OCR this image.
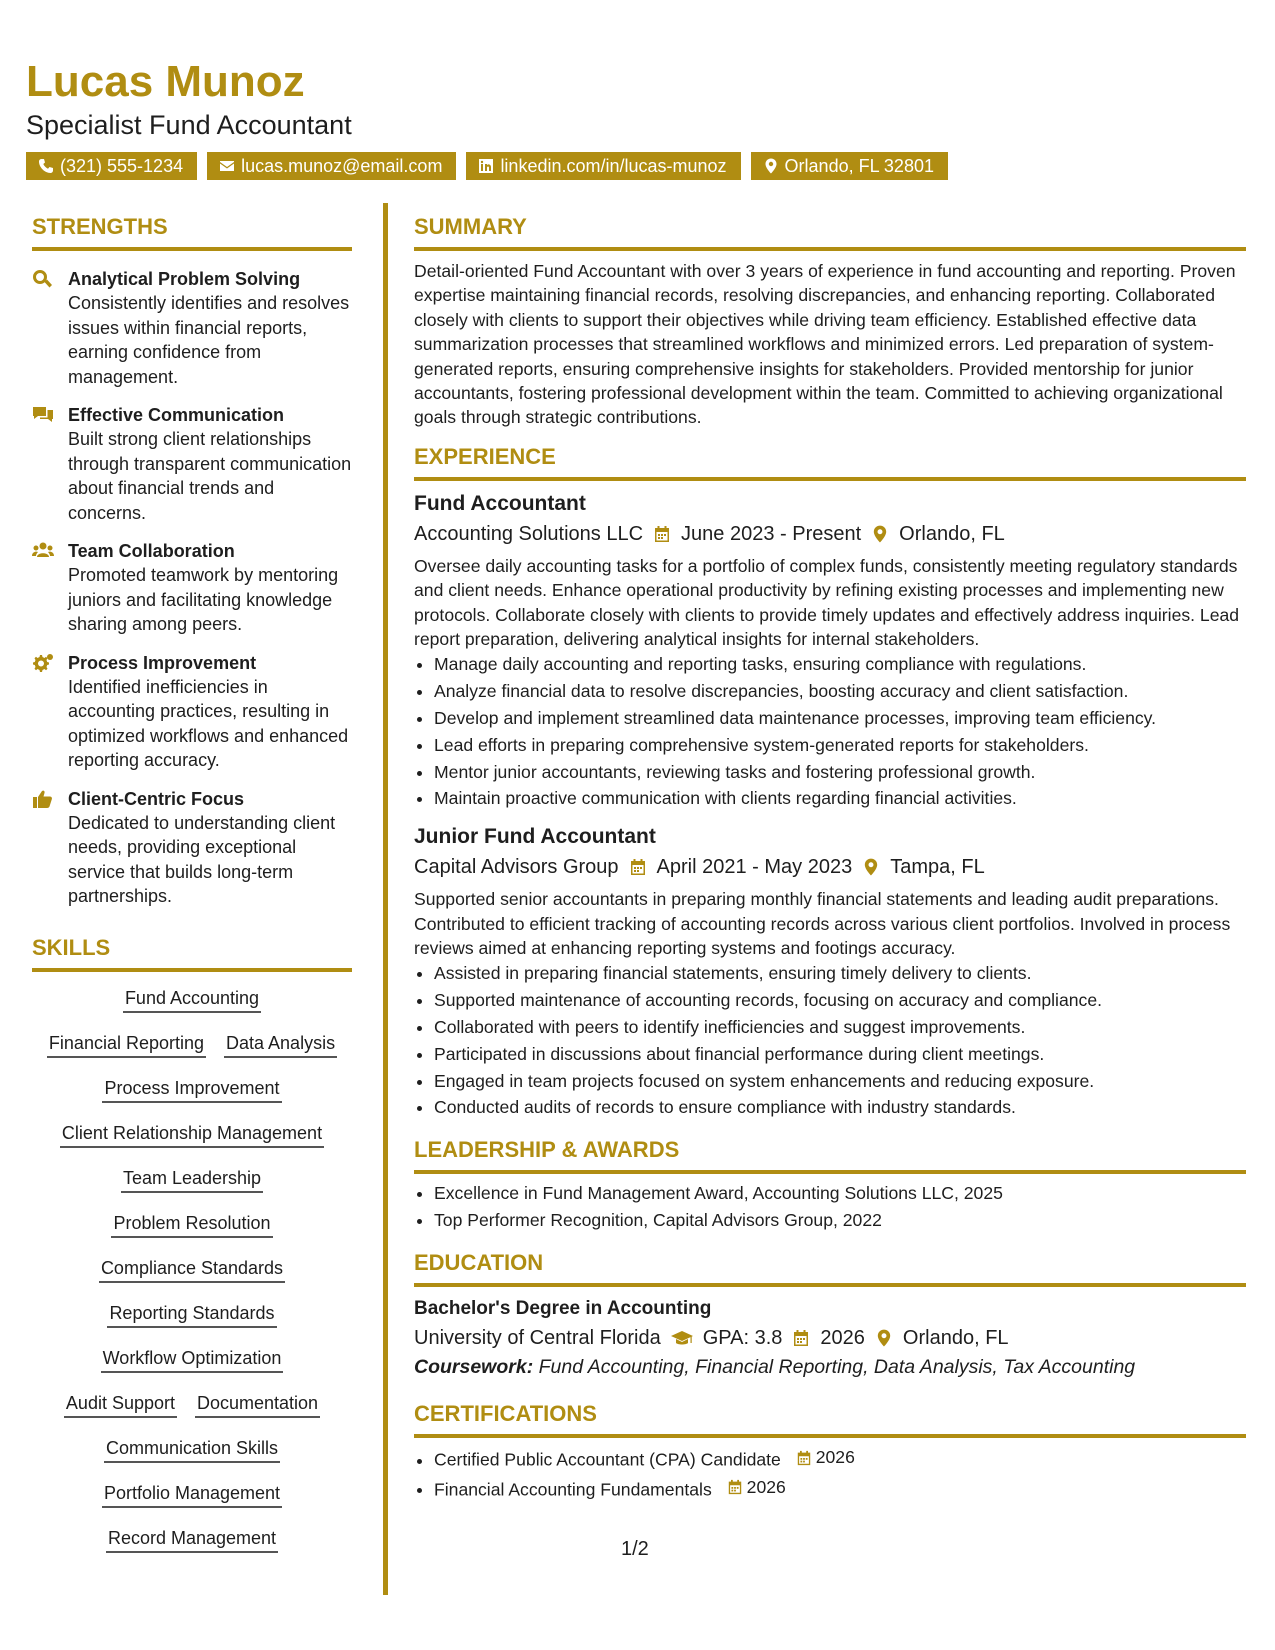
Lucas Munoz
Specialist Fund Accountant
(321) 555-1234	lucas.munoz@email.com	linkedin.com/in/lucas-munoz	Orlando, FL 32801
STRENGTHS
Analytical Problem Solving
Consistently identifies and resolves issues within financial reports, earning confidence from management.
Effective Communication
Built strong client relationships through transparent communication about financial trends and concerns.
Team Collaboration
Promoted teamwork by mentoring juniors and facilitating knowledge sharing among peers.
Process Improvement
Identified inefficiencies in accounting practices, resulting in optimized workflows and enhanced reporting accuracy.
Client-Centric Focus
Dedicated to understanding client needs, providing exceptional service that builds long-term partnerships.
SKILLS
Fund Accounting
Financial Reporting Data Analysis
Process Improvement
Client Relationship Management
Team Leadership
Problem Resolution
Compliance Standards
Reporting Standards
Workflow Optimization
Audit Support Documentation
Communication Skills
Portfolio Management
Record Management
SUMMARY

Detail-oriented Fund Accountant with over 3 years of experience in fund accounting and reporting. Proven expertise maintaining financial records, resolving discrepancies, and enhancing reporting. Collaborated closely with clients to support their objectives while driving team efficiency. Established effective data summarization processes that streamlined workflows and minimized errors. Led preparation of system-generated reports, ensuring comprehensive insights for stakeholders. Provided mentorship for junior accountants, fostering professional development within the team. Committed to achieving organizational goals through strategic contributions.

EXPERIENCE
Fund Accountant
Accounting Solutions LLC June 2023 - Present Orlando, FL

Oversee daily accounting tasks for a portfolio of complex funds, consistently meeting regulatory standards and client needs. Enhance operational productivity by refining existing processes and implementing new protocols. Collaborate closely with clients to provide timely updates and effectively address inquiries. Lead report preparation, delivering analytical insights for internal stakeholders.

• Manage daily accounting and reporting tasks, ensuring compliance with regulations.
• Analyze financial data to resolve discrepancies, boosting accuracy and client satisfaction.
• Develop and implement streamlined data maintenance processes, improving team efficiency.
• Lead efforts in preparing comprehensive system-generated reports for stakeholders.
• Mentor junior accountants, reviewing tasks and fostering professional growth.
• Maintain proactive communication with clients regarding financial activities.
Junior Fund Accountant
Capital Advisors Group April 2021 - May 2023 Tampa, FL

Supported senior accountants in preparing monthly financial statements and leading audit preparations. Contributed to efficient tracking of accounting records across various client portfolios. Involved in process reviews aimed at enhancing reporting systems and footings accuracy.

• Assisted in preparing financial statements, ensuring timely delivery to clients.
• Supported maintenance of accounting records, focusing on accuracy and compliance.
• Collaborated with peers to identify inefficiencies and suggest improvements.
• Participated in discussions about financial performance during client meetings.
• Engaged in team projects focused on system enhancements and reducing exposure.
• Conducted audits of records to ensure compliance with industry standards.
LEADERSHIP & AWARDS
• Excellence in Fund Management Award, Accounting Solutions LLC, 2025
• Top Performer Recognition, Capital Advisors Group, 2022
EDUCATION
Bachelor's Degree in Accounting
University of Central Florida GPA: 3.8 2026 Orlando, FL
Coursework: Fund Accounting, Financial Reporting, Data Analysis, Tax Accounting
CERTIFICATIONS
• Certified Public Accountant (CPA) Candidate 2026
• Financial Accounting Fundamentals 2026
1/2
